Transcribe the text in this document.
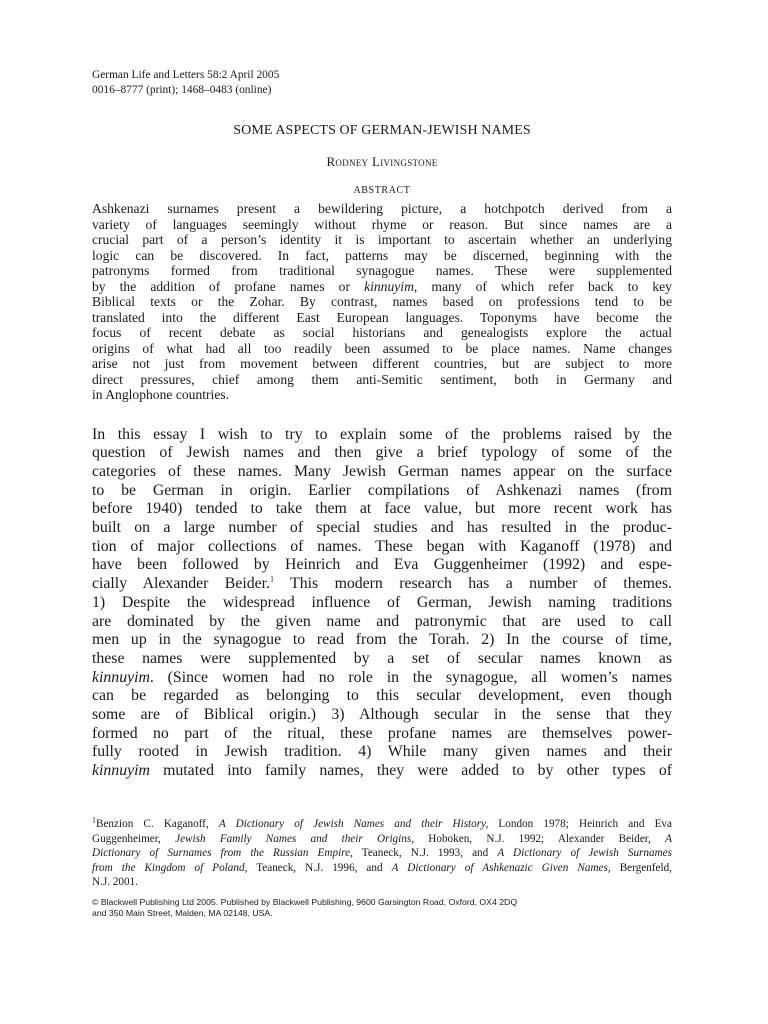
German Life and Letters 58:2 April 2005
0016–8777 (print); 1468–0483 (online)
SOME ASPECTS OF GERMAN-JEWISH NAMES
Rodney Livingstone
ABSTRACT
Ashkenazi surnames present a bewildering picture, a hotchpotch derived from a
variety of languages seemingly without rhyme or reason. But since names are a
crucial part of a person’s identity it is important to ascertain whether an underlying
logic can be discovered. In fact, patterns may be discerned, beginning with the
patronyms formed from traditional synagogue names. These were supplemented
by the addition of profane names or kinnuyim, many of which refer back to key
Biblical texts or the Zohar. By contrast, names based on professions tend to be
translated into the different East European languages. Toponyms have become the
focus of recent debate as social historians and genealogists explore the actual
origins of what had all too readily been assumed to be place names. Name changes
arise not just from movement between different countries, but are subject to more
direct pressures, chief among them anti-Semitic sentiment, both in Germany and
in Anglophone countries.
In this essay I wish to try to explain some of the problems raised by the
question of Jewish names and then give a brief typology of some of the
categories of these names. Many Jewish German names appear on the surface
to be German in origin. Earlier compilations of Ashkenazi names (from
before 1940) tended to take them at face value, but more recent work has
built on a large number of special studies and has resulted in the produc-
tion of major collections of names. These began with Kaganoff (1978) and
have been followed by Heinrich and Eva Guggenheimer (1992) and espe-
cially Alexander Beider.$^1$ This modern research has a number of themes.
1) Despite the widespread influence of German, Jewish naming traditions
are dominated by the given name and patronymic that are used to call
men up in the synagogue to read from the Torah. 2) In the course of time,
these names were supplemented by a set of secular names known as
kinnuyim. (Since women had no role in the synagogue, all women’s names
can be regarded as belonging to this secular development, even though
some are of Biblical origin.) 3) Although secular in the sense that they
formed no part of the ritual, these profane names are themselves power-
fully rooted in Jewish tradition. 4) While many given names and their
kinnuyim mutated into family names, they were added to by other types of
$^1$Benzion C. Kaganoff, A Dictionary of Jewish Names and their History, London 1978; Heinrich and Eva
Guggenheimer, Jewish Family Names and their Origins, Hoboken, N.J. 1992; Alexander Beider, A
Dictionary of Surnames from the Russian Empire, Teaneck, N.J. 1993, and A Dictionary of Jewish Surnames
from the Kingdom of Poland, Teaneck, N.J. 1996, and A Dictionary of Ashkenazic Given Names, Bergenfeld,
N.J. 2001.
© Blackwell Publishing Ltd 2005. Published by Blackwell Publishing, 9600 Garsington Road, Oxford, OX4 2DQ
and 350 Main Street, Malden, MA 02148, USA.
